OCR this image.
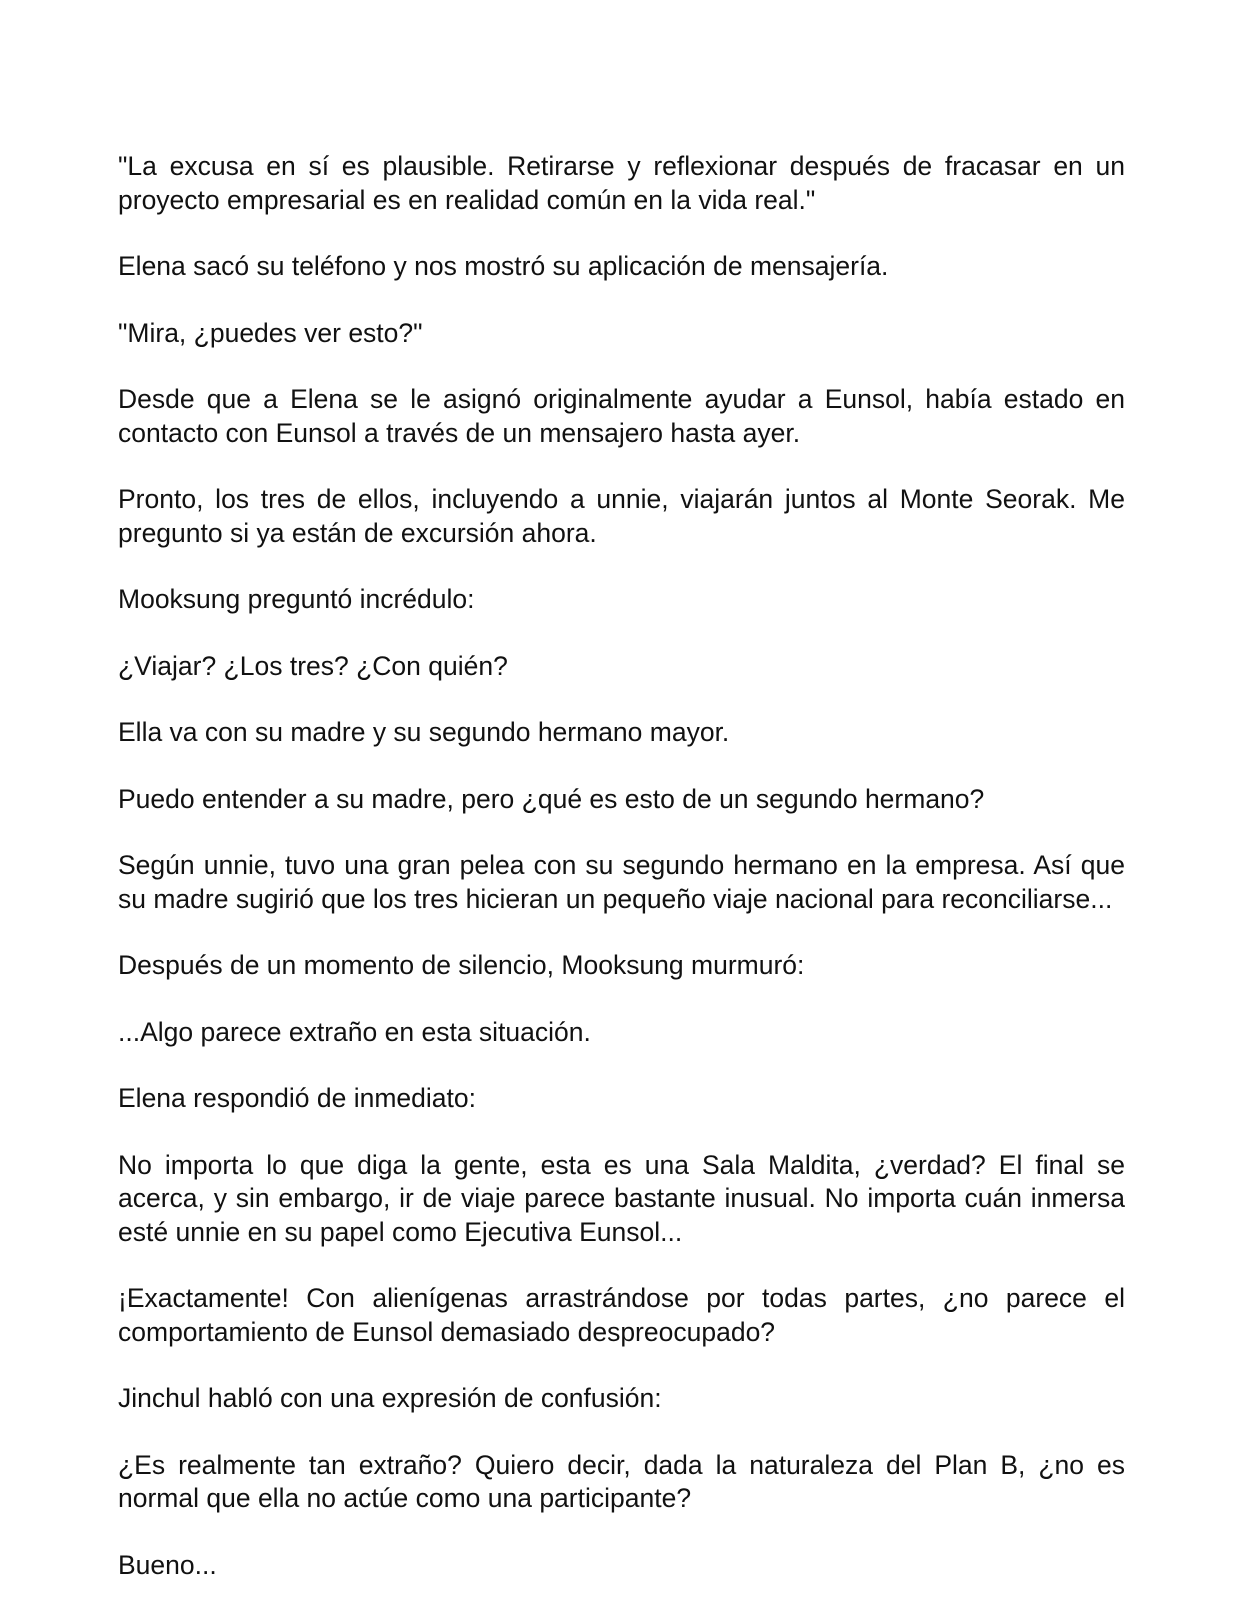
"La excusa en sí es plausible. Retirarse y reflexionar después de fracasar en un proyecto empresarial es en realidad común en la vida real."

Elena sacó su teléfono y nos mostró su aplicación de mensajería.

"Mira, ¿puedes ver esto?"

Desde que a Elena se le asignó originalmente ayudar a Eunsol, había estado en contacto con Eunsol a través de un mensajero hasta ayer.

Pronto, los tres de ellos, incluyendo a unnie, viajarán juntos al Monte Seorak. Me pregunto si ya están de excursión ahora.

Mooksung preguntó incrédulo:

¿Viajar? ¿Los tres? ¿Con quién?

Ella va con su madre y su segundo hermano mayor.

Puedo entender a su madre, pero ¿qué es esto de un segundo hermano?

Según unnie, tuvo una gran pelea con su segundo hermano en la empresa. Así que su madre sugirió que los tres hicieran un pequeño viaje nacional para reconciliarse...

Después de un momento de silencio, Mooksung murmuró:

...Algo parece extraño en esta situación.

Elena respondió de inmediato:

No importa lo que diga la gente, esta es una Sala Maldita, ¿verdad? El final se acerca, y sin embargo, ir de viaje parece bastante inusual. No importa cuán inmersa esté unnie en su papel como Ejecutiva Eunsol...

¡Exactamente! Con alienígenas arrastrándose por todas partes, ¿no parece el comportamiento de Eunsol demasiado despreocupado?

Jinchul habló con una expresión de confusión:

¿Es realmente tan extraño? Quiero decir, dada la naturaleza del Plan B, ¿no es normal que ella no actúe como una participante?

Bueno...
